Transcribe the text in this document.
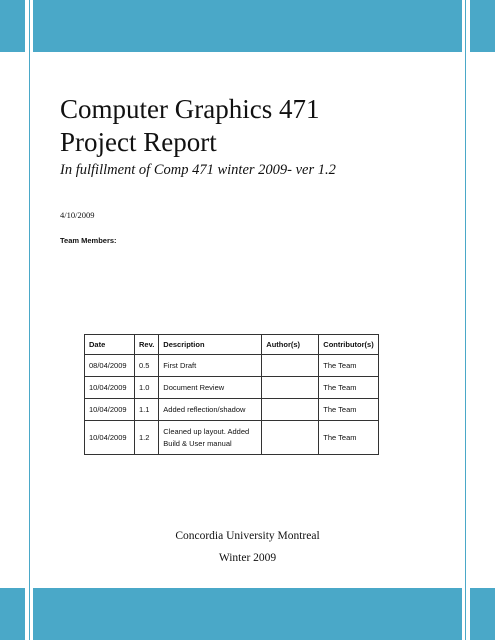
Computer Graphics 471
Project Report
In fulfillment of Comp 471 winter 2009- ver 1.2
4/10/2009
Team Members:
Date	Rev.	Description	Author(s)	Contributor(s)
08/04/2009	0.5	First Draft		The Team
10/04/2009	1.0	Document Review		The Team
10/04/2009	1.1	Added reflection/shadow		The Team
10/04/2009	1.2	Cleaned up layout. Added
Build & User manual		The Team
Concordia University Montreal
Winter 2009
